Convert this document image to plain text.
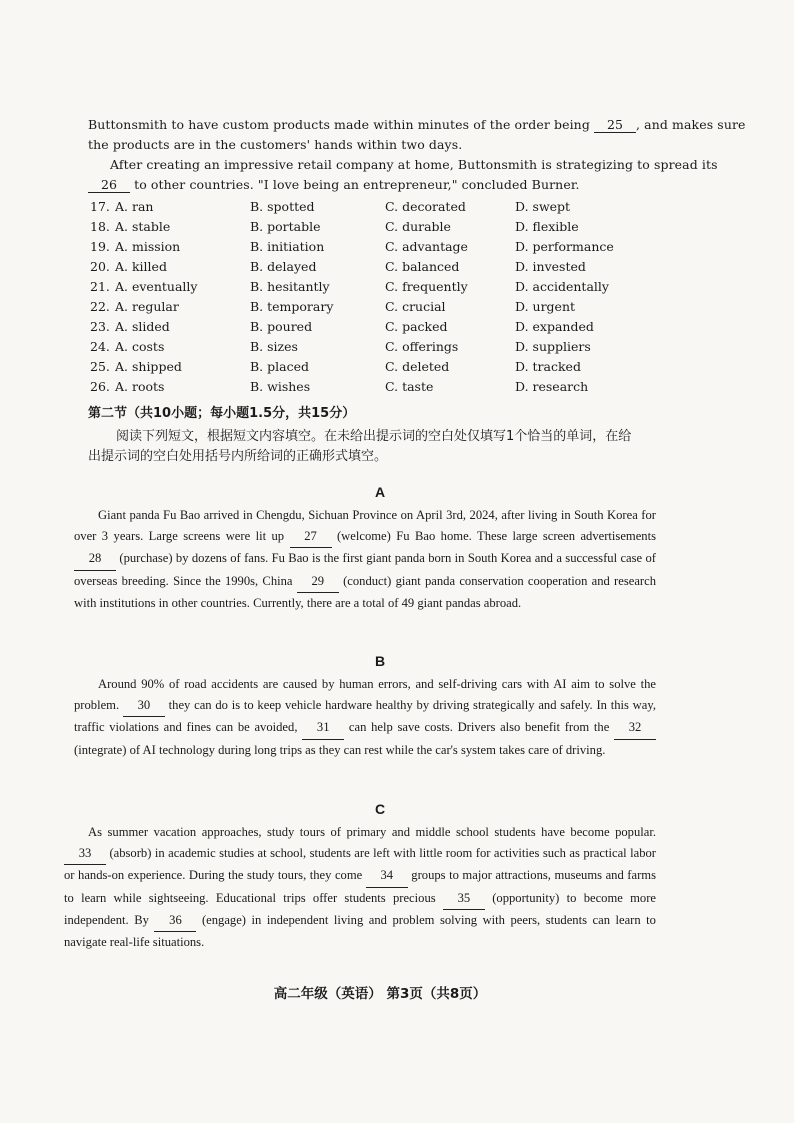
Buttonsmith to have custom products made within minutes of the order being 25 , and makes sure
the products are in the customers' hands within two days.
After creating an impressive retail company at home, Buttonsmith is strategizing to spread its
26 to other countries. "I love being an entrepreneur," concluded Burner.
17. A. ran	B. spotted	C. decorated	D. swept
18. A. stable	B. portable	C. durable	D. flexible
19. A. mission	B. initiation	C. advantage	D. performance
20. A. killed	B. delayed	C. balanced	D. invested
21. A. eventually	B. hesitantly	C. frequently	D. accidentally
22. A. regular	B. temporary	C. crucial	D. urgent
23. A. slided	B. poured	C. packed	D. expanded
24. A. costs	B. sizes	C. offerings	D. suppliers
25. A. shipped	B. placed	C. deleted	D. tracked
26. A. roots	B. wishes	C. taste	D. research
第二节（共10小题；每小题1.5分，共15分）
阅读下列短文，根据短文内容填空。在未给出提示词的空白处仅填写1个恰当的单词，在给
出提示词的空白处用括号内所给词的正确形式填空。
A
Giant panda Fu Bao arrived in Chengdu, Sichuan Province on April 3rd, 2024, after living in South Korea for over 3 years. Large screens were lit up 27 (welcome) Fu Bao home. These large screen advertisements 28 (purchase) by dozens of fans. Fu Bao is the first giant panda born in South Korea and a successful case of overseas breeding. Since the 1990s, China 29 (conduct) giant panda conservation cooperation and research with institutions in other countries. Currently, there are a total of 49 giant pandas abroad.
B
Around 90% of road accidents are caused by human errors, and self-driving cars with AI aim to solve the problem. 30 they can do is to keep vehicle hardware healthy by driving strategically and safely. In this way, traffic violations and fines can be avoided, 31 can help save costs. Drivers also benefit from the 32 (integrate) of AI technology during long trips as they can rest while the car's system takes care of driving.
C
As summer vacation approaches, study tours of primary and middle school students have become popular. 33 (absorb) in academic studies at school, students are left with little room for activities such as practical labor or hands-on experience. During the study tours, they come 34 groups to major attractions, museums and farms to learn while sightseeing. Educational trips offer students precious 35 (opportunity) to become more independent. By 36 (engage) in independent living and problem solving with peers, students can learn to navigate real-life situations.
高二年级（英语） 第3页（共8页）
